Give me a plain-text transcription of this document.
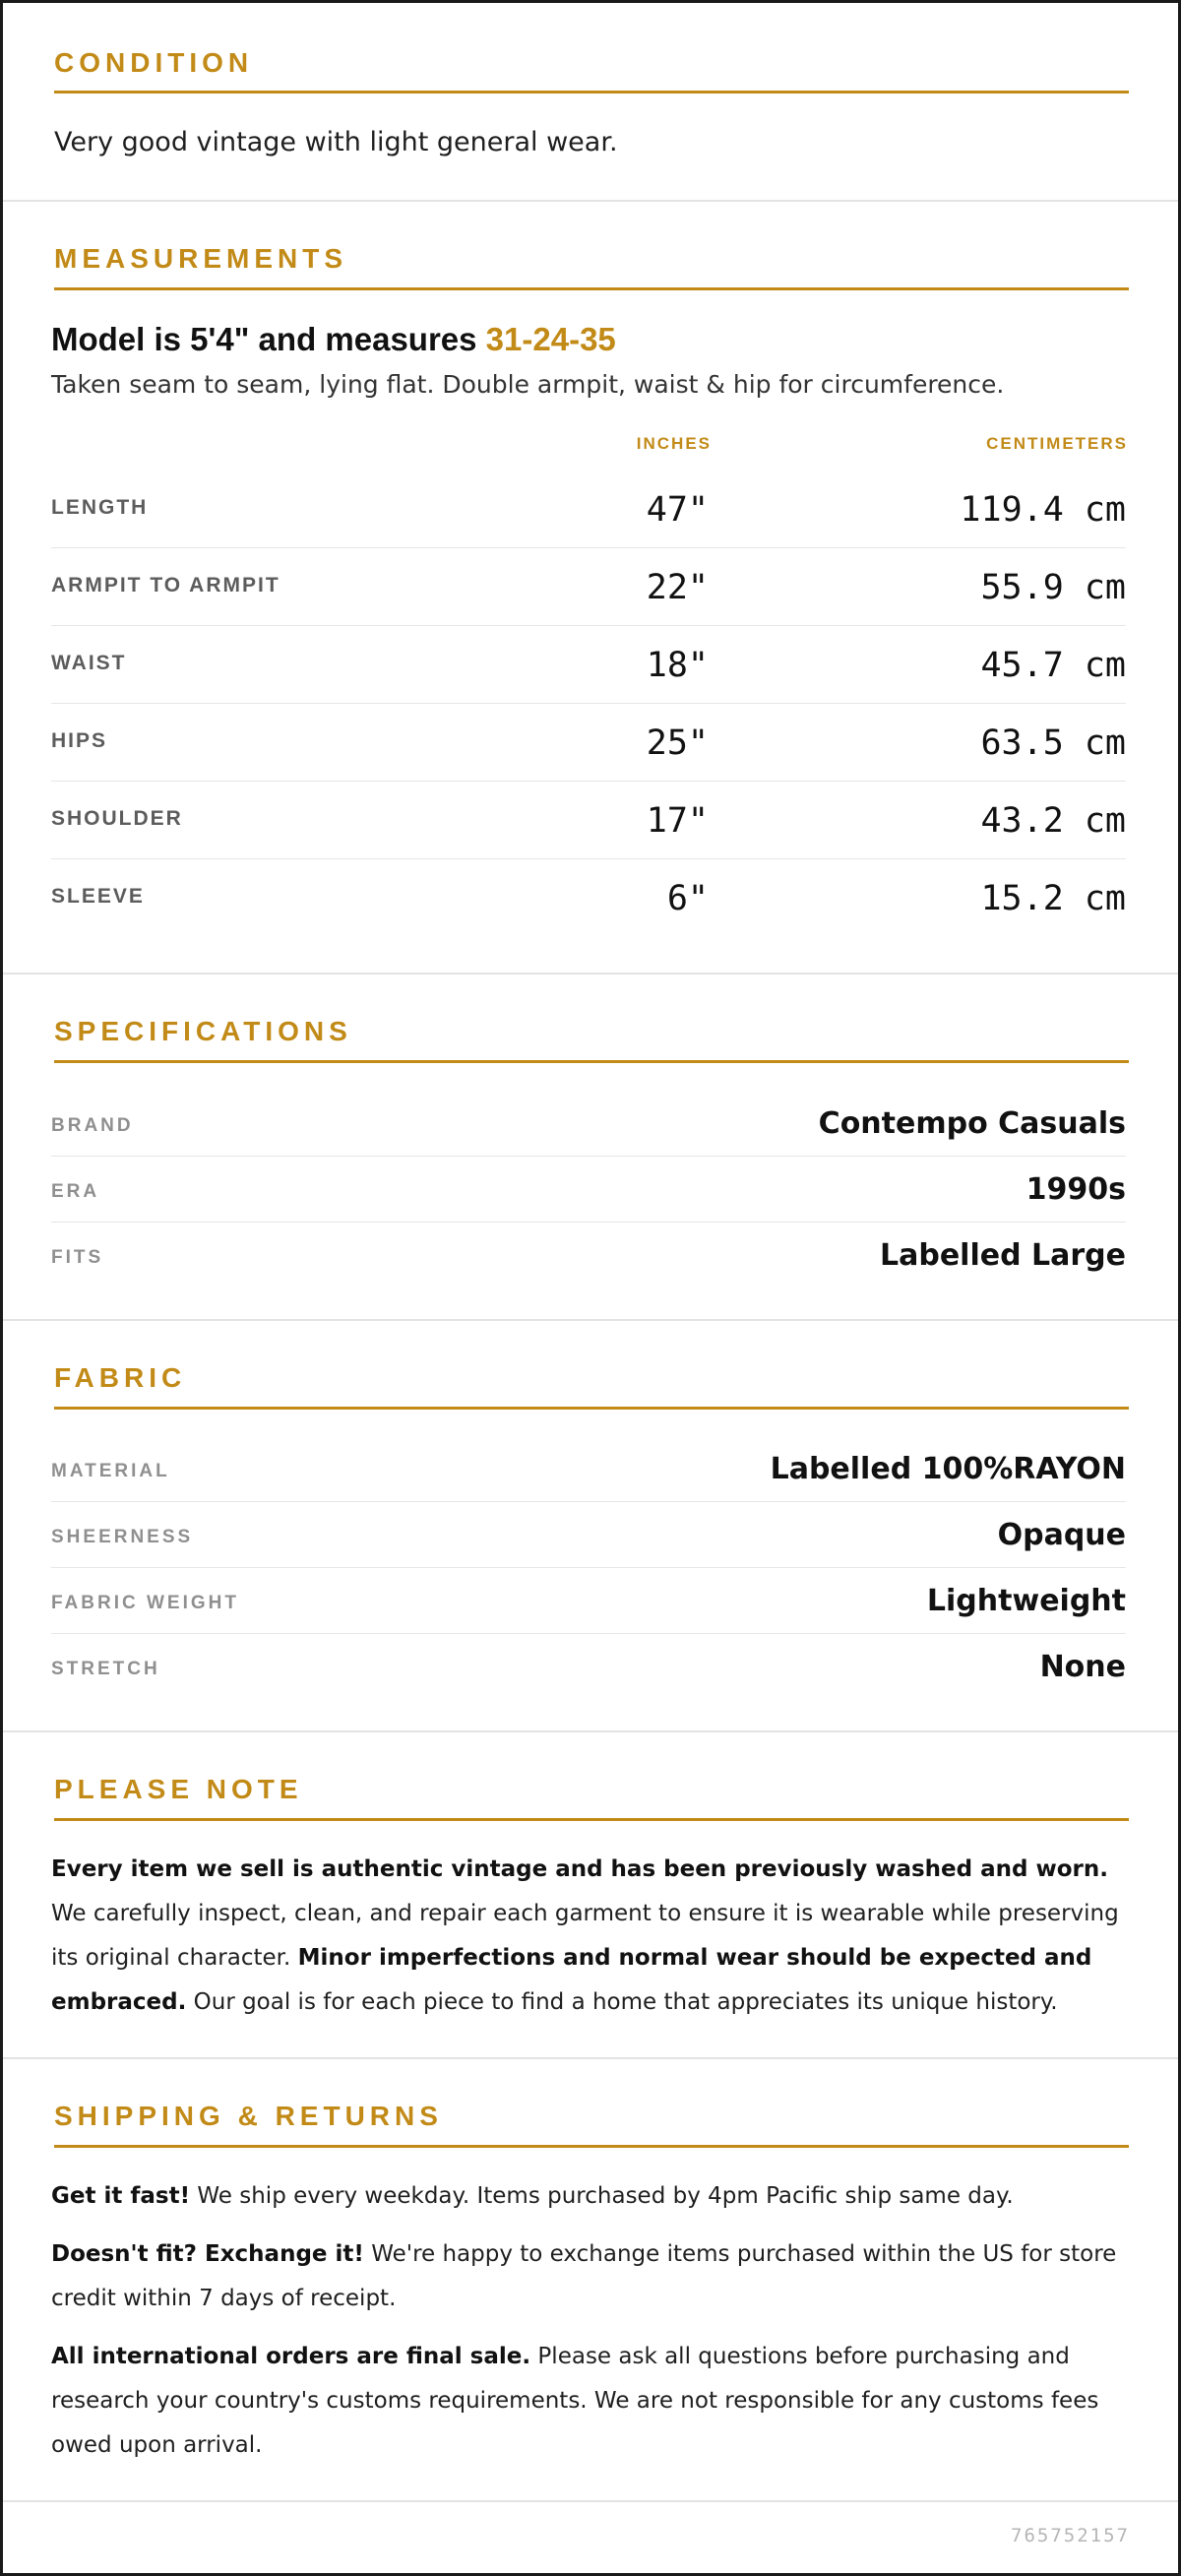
CONDITION
Very good vintage with light general wear.
MEASUREMENTS
Model is 5'4" and measures 31-24-35
Taken seam to seam, lying flat. Double armpit, waist & hip for circumference.
INCHES	CENTIMETERS
LENGTH	47"	119.4 cm
ARMPIT TO ARMPIT	22"	55.9 cm
WAIST	18"	45.7 cm
HIPS	25"	63.5 cm
SHOULDER	17"	43.2 cm
SLEEVE	6"	15.2 cm
SPECIFICATIONS
BRAND	Contempo Casuals
ERA	1990s
FITS	Labelled Large
FABRIC
MATERIAL	Labelled 100%RAYON
SHEERNESS	Opaque
FABRIC WEIGHT	Lightweight
STRETCH	None
PLEASE NOTE
Every item we sell is authentic vintage and has been previously washed and worn. We carefully inspect, clean, and repair each garment to ensure it is wearable while preserving its original character. Minor imperfections and normal wear should be expected and embraced. Our goal is for each piece to find a home that appreciates its unique history.
SHIPPING & RETURNS
Get it fast! We ship every weekday. Items purchased by 4pm Pacific ship same day.
Doesn't fit? Exchange it! We're happy to exchange items purchased within the US for store credit within 7 days of receipt.
All international orders are final sale. Please ask all questions before purchasing and research your country's customs requirements. We are not responsible for any customs fees owed upon arrival.
765752157
